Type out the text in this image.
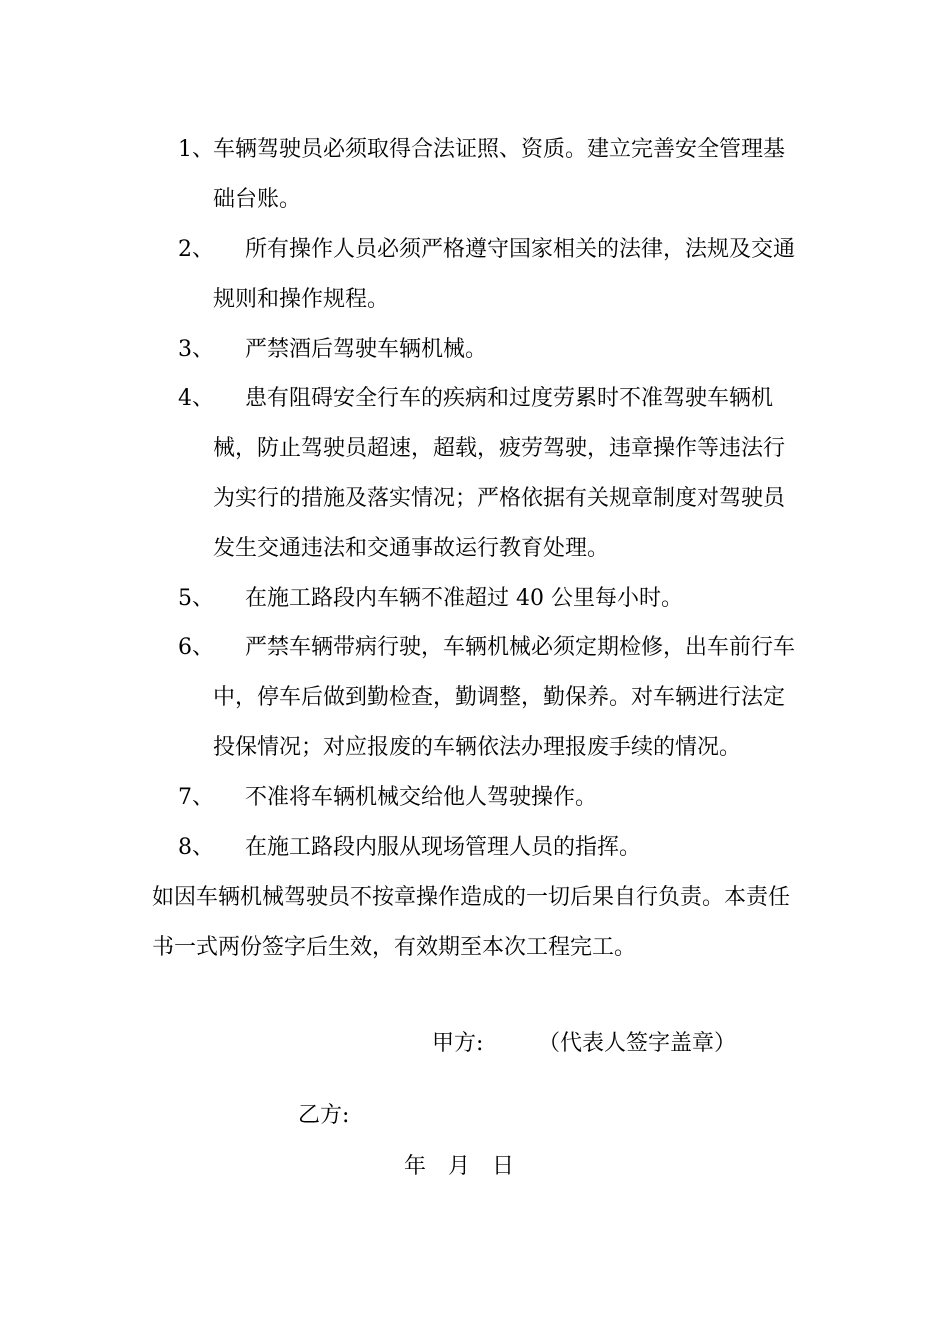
1、 车辆驾驶员必须取得合法证照、资质。建立完善安全管理基础台账。
2、	所有操作人员必须严格遵守国家相关的法律，法规及交通规则和操作规程。
3、	严禁酒后驾驶车辆机械。
4、	患有阻碍安全行车的疾病和过度劳累时不准驾驶车辆机械，防止驾驶员超速，超载，疲劳驾驶，违章操作等违法行为实行的措施及落实情况；严格依据有关规章制度对驾驶员发生交通违法和交通事故运行教育处理。
5、	在施工路段内车辆不准超过 40 公里每小时。
6、	严禁车辆带病行驶，车辆机械必须定期检修，出车前行车中，停车后做到勤检查，勤调整，勤保养。对车辆进行法定投保情况；对应报废的车辆依法办理报废手续的情况。
7、	不准将车辆机械交给他人驾驶操作。
8、	在施工路段内服从现场管理人员的指挥。
如因车辆机械驾驶员不按章操作造成的一切后果自行负责。本责任书一式两份签字后生效，有效期至本次工程完工。
甲方: （代表人签字盖章）
乙方:
年　月　日
